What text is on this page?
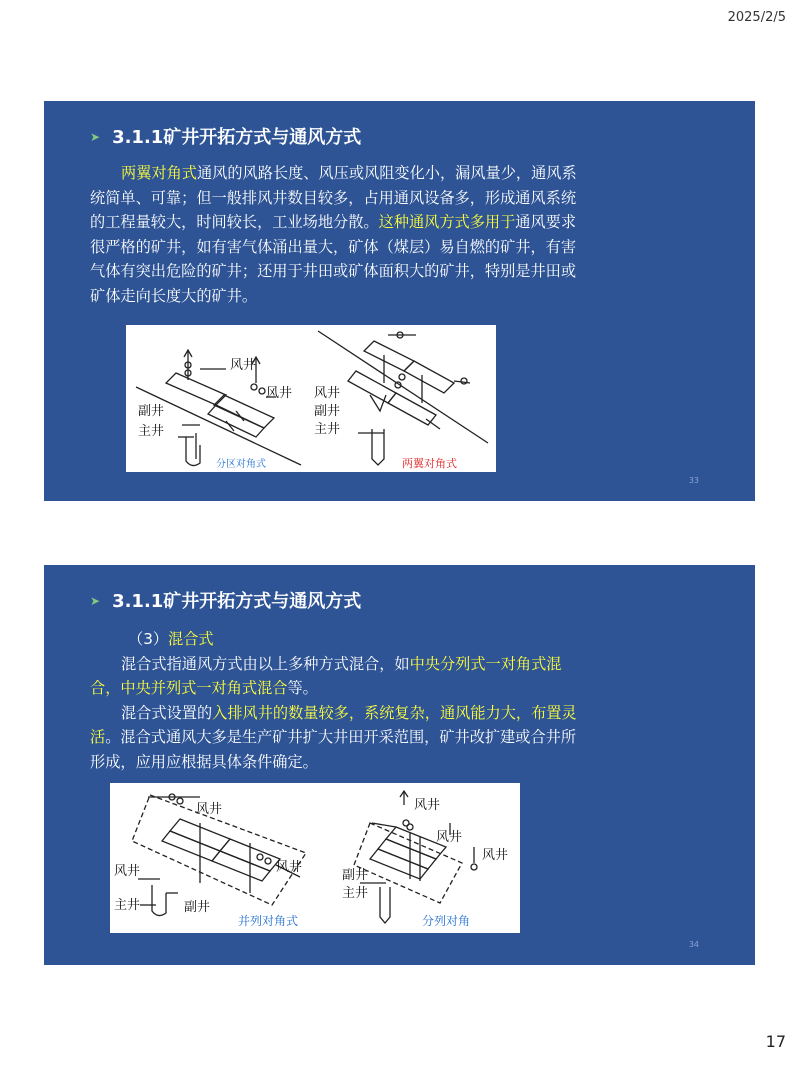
2025/2/5
➤ 3.1.1矿井开拓方式与通风方式
两翼对角式通风的风路长度、风压或风阻变化小，漏风量少，通风系统简单、可靠；但一般排风井数目较多，占用通风设备多，形成通风系统的工程量较大，时间较长，工业场地分散。这种通风方式多用于通风要求很严格的矿井，如有害气体涌出量大，矿体（煤层）易自燃的矿井，有害气体有突出危险的矿井；还用于井田或矿体面积大的矿井，特别是井田或矿体走向长度大的矿井。
风井
风井
副井
主井
风井
副井
主井
分区对角式	两翼对角式
33
➤ 3.1.1矿井开拓方式与通风方式
（3）混合式
混合式指通风方式由以上多种方式混合，如中央分列式一对角式混合，中央并列式一对角式混合等。
混合式设置的入排风井的数量较多，系统复杂，通风能力大，布置灵活。混合式通风大多是生产矿井扩大井田开采范围，矿井改扩建或合井所形成，应用应根据具体条件确定。
风井
风井
风井
主井	副井
风井
风井
风井
副井
主井
并列对角式	分列对角
34
17
